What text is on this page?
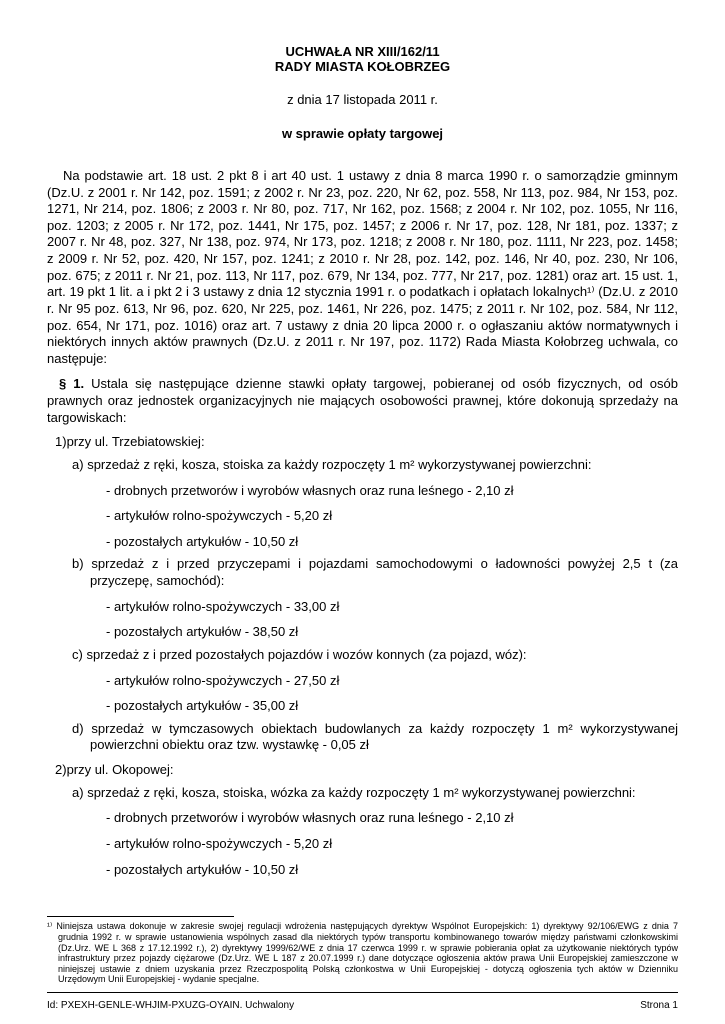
UCHWAŁA NR XIII/162/11
RADY MIASTA KOŁOBRZEG
z dnia 17 listopada 2011 r.
w sprawie opłaty targowej
Na podstawie art. 18 ust. 2 pkt 8 i art 40 ust. 1 ustawy z dnia 8 marca 1990 r. o samorządzie gminnym (Dz.U. z 2001 r. Nr 142, poz. 1591; z 2002 r. Nr 23, poz. 220, Nr 62, poz. 558, Nr 113, poz. 984, Nr 153, poz. 1271, Nr 214, poz. 1806; z 2003 r. Nr 80, poz. 717, Nr 162, poz. 1568; z 2004 r. Nr 102, poz. 1055, Nr 116, poz. 1203; z 2005 r. Nr 172, poz. 1441, Nr 175, poz. 1457; z 2006 r. Nr 17, poz. 128, Nr 181, poz. 1337; z 2007 r. Nr 48, poz. 327, Nr 138, poz. 974, Nr 173, poz. 1218; z 2008 r. Nr 180, poz. 1111, Nr 223, poz. 1458; z 2009 r. Nr 52, poz. 420, Nr 157, poz. 1241; z 2010 r. Nr 28, poz. 142, poz. 146, Nr 40, poz. 230, Nr 106, poz. 675; z 2011 r. Nr 21, poz. 113, Nr 117, poz. 679, Nr 134, poz. 777, Nr 217, poz. 1281) oraz art. 15 ust. 1, art. 19 pkt 1 lit. a i pkt 2 i 3 ustawy z dnia 12 stycznia 1991 r. o podatkach i opłatach lokalnych¹⁾ (Dz.U. z 2010 r. Nr 95 poz. 613, Nr 96, poz. 620, Nr 225, poz. 1461, Nr 226, poz. 1475; z 2011 r. Nr 102, poz. 584, Nr 112, poz. 654, Nr 171, poz. 1016) oraz art. 7 ustawy z dnia 20 lipca 2000 r. o ogłaszaniu aktów normatywnych i niektórych innych aktów prawnych (Dz.U. z 2011 r. Nr 197, poz. 1172) Rada Miasta Kołobrzeg uchwala, co następuje:
§ 1. Ustala się następujące dzienne stawki opłaty targowej, pobieranej od osób fizycznych, od osób prawnych oraz jednostek organizacyjnych nie mających osobowości prawnej, które dokonują sprzedaży na targowiskach:
1)przy ul. Trzebiatowskiej:
a) sprzedaż z ręki, kosza, stoiska za każdy rozpoczęty 1 m² wykorzystywanej powierzchni:
- drobnych przetworów i wyrobów własnych oraz runa leśnego - 2,10 zł
- artykułów rolno-spożywczych - 5,20 zł
- pozostałych artykułów - 10,50 zł
b) sprzedaż z i przed przyczepami i pojazdami samochodowymi o ładowności powyżej 2,5 t (za przyczepę, samochód):
- artykułów rolno-spożywczych - 33,00 zł
- pozostałych artykułów - 38,50 zł
c) sprzedaż z i przed pozostałych pojazdów i wozów konnych (za pojazd, wóz):
- artykułów rolno-spożywczych - 27,50 zł
- pozostałych artykułów - 35,00 zł
d) sprzedaż w tymczasowych obiektach budowlanych za każdy rozpoczęty 1 m² wykorzystywanej powierzchni obiektu oraz tzw. wystawkę - 0,05 zł
2)przy ul. Okopowej:
a) sprzedaż z ręki, kosza, stoiska, wózka za każdy rozpoczęty 1 m² wykorzystywanej powierzchni:
- drobnych przetworów i wyrobów własnych oraz runa leśnego - 2,10 zł
- artykułów rolno-spożywczych - 5,20 zł
- pozostałych artykułów - 10,50 zł
¹⁾ Niniejsza ustawa dokonuje w zakresie swojej regulacji wdrożenia następujących dyrektyw Wspólnot Europejskich: 1) dyrektywy 92/106/EWG z dnia 7 grudnia 1992 r. w sprawie ustanowienia wspólnych zasad dla niektórych typów transportu kombinowanego towarów między państwami członkowskimi (Dz.Urz. WE L 368 z 17.12.1992 r.), 2) dyrektywy 1999/62/WE z dnia 17 czerwca 1999 r. w sprawie pobierania opłat za użytkowanie niektórych typów infrastruktury przez pojazdy ciężarowe (Dz.Urz. WE L 187 z 20.07.1999 r.) dane dotyczące ogłoszenia aktów prawa Unii Europejskiej zamieszczone w niniejszej ustawie z dniem uzyskania przez Rzeczpospolitą Polską członkostwa w Unii Europejskiej - dotyczą ogłoszenia tych aktów w Dzienniku Urzędowym Unii Europejskiej - wydanie specjalne.
Id: PXEXH-GENLE-WHJIM-PXUZG-OYAIN. Uchwalony	Strona 1
